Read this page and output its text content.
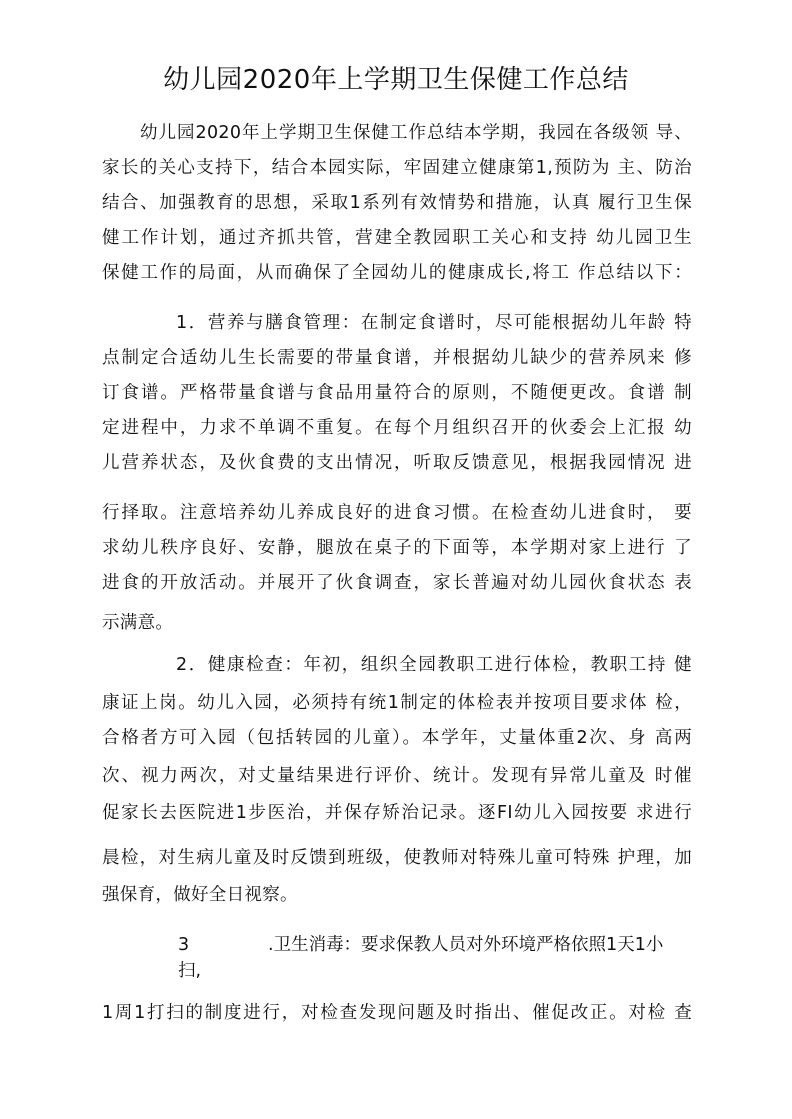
幼儿园2020年上学期卫生保健工作总结
幼儿园2020年上学期卫生保健工作总结本学期，我园在各级领 导、
家长的关心支持下，结合本园实际，牢固建立健康第1,预防为 主、防治
结合、加强教育的思想，采取1系列有效情势和措施，认真 履行卫生保
健工作计划，通过齐抓共管，营建全教园职工关心和支持 幼儿园卫生
保健工作的局面，从而确保了全园幼儿的健康成长,将工 作总结以下：
1．营养与膳食管理：在制定食谱时，尽可能根据幼儿年龄 特
点制定合适幼儿生长需要的带量食谱，并根据幼儿缺少的营养夙来 修
订食谱。严格带量食谱与食品用量符合的原则，不随便更改。食谱 制
定进程中，力求不单调不重复。在每个月组织召开的伙委会上汇报 幼
儿营养状态，及伙食费的支出情况，听取反馈意见，根据我园情况 进
行择取。注意培养幼儿养成良好的进食习惯。在检查幼儿进食时， 要
求幼儿秩序良好、安静，腿放在桌子的下面等，本学期对家上进行 了
进食的开放活动。并展开了伙食调查，家长普遍对幼儿园伙食状态 表
示满意。
2．健康检查：年初，组织全园教职工进行体检，教职工持 健
康证上岗。幼儿入园，必须持有统1制定的体检表并按项目要求体 检，
合格者方可入园（包括转园的儿童）。本学年，丈量体重2次、身 高两
次、视力两次，对丈量结果进行评价、统计。发现有异常儿童及 时催
促家长去医院进1步医治，并保存矫治记录。逐FI幼儿入园按要 求进行
晨检，对生病儿童及时反馈到班级，使教师对特殊儿童可特殊 护理，加
强保育，做好全日视察。
3	.卫生消毒：要求保教人员对外环境严格依照1天1小
扫,
1周1打扫的制度进行，对检查发现问题及时指出、催促改正。对检 查
